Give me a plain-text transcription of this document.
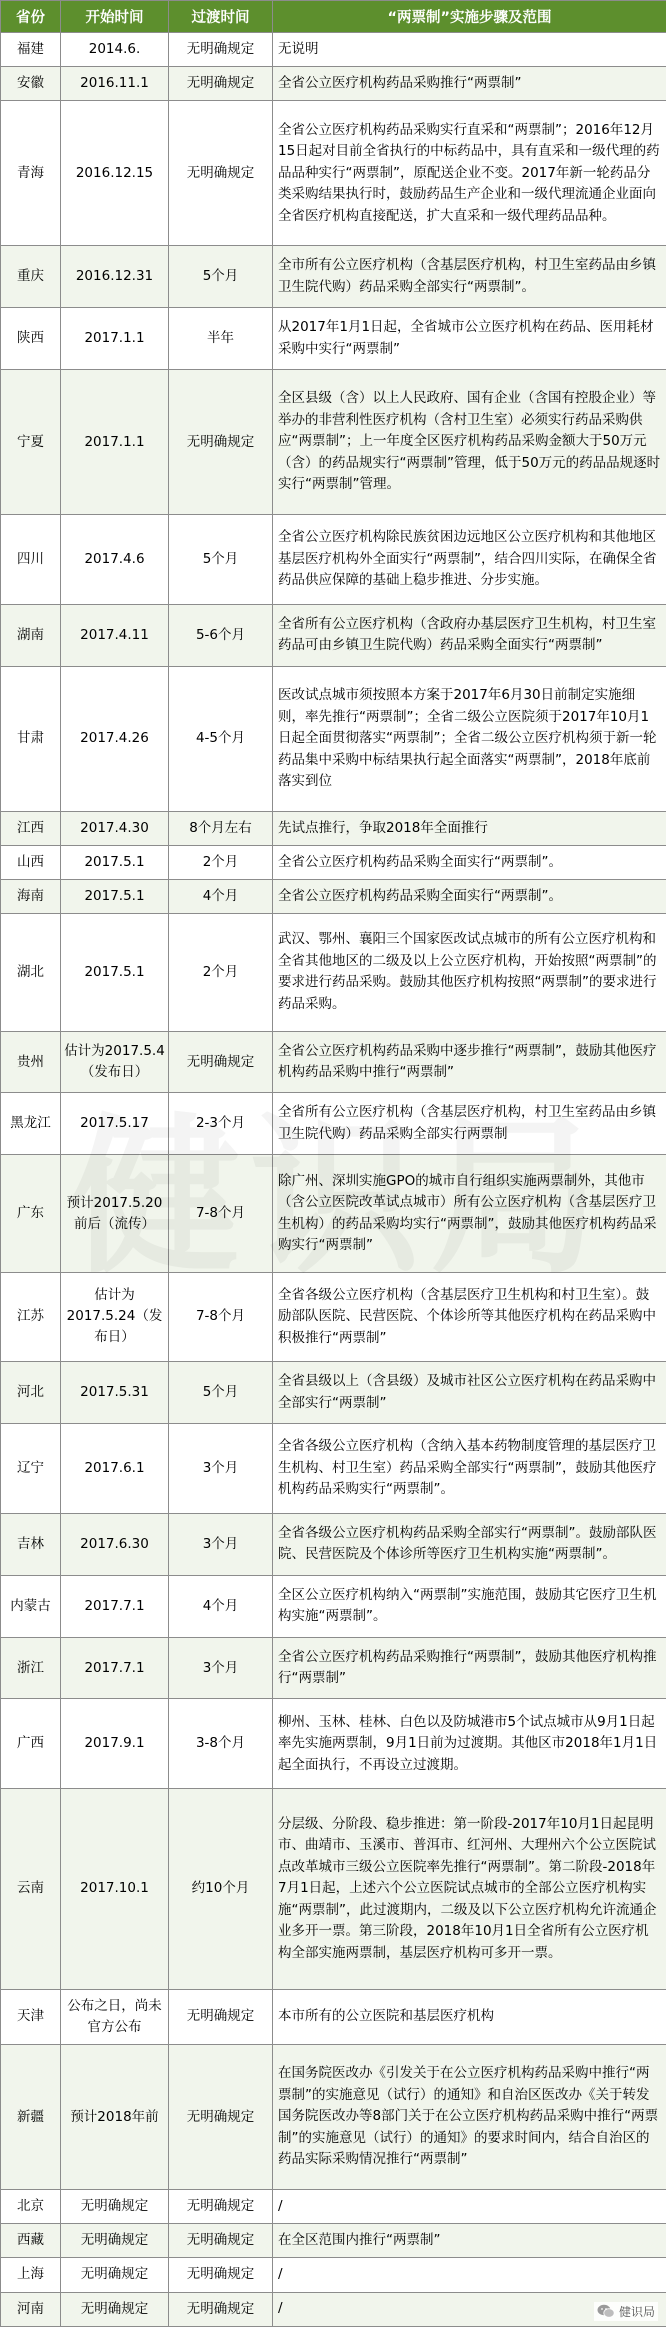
省份	开始时间	过渡时间	“两票制”实施步骤及范围
福建	2014.6.	无明确规定	无说明
安徽	2016.11.1	无明确规定	全省公立医疗机构药品采购推行“两票制”
青海	2016.12.15	无明确规定	全省公立医疗机构药品采购实行直采和“两票制”；2016年12月15日起对目前全省执行的中标药品中，具有直采和一级代理的药品品种实行“两票制”，原配送企业不变。2017年新一轮药品分类采购结果执行时，鼓励药品生产企业和一级代理流通企业面向全省医疗机构直接配送，扩大直采和一级代理药品品种。
重庆	2016.12.31	5个月	全市所有公立医疗机构（含基层医疗机构，村卫生室药品由乡镇卫生院代购）药品采购全部实行“两票制”。
陕西	2017.1.1	半年	从2017年1月1日起，全省城市公立医疗机构在药品、医用耗材采购中实行“两票制”
宁夏	2017.1.1	无明确规定	全区县级（含）以上人民政府、国有企业（含国有控股企业）等举办的非营利性医疗机构（含村卫生室）必须实行药品采购供应“两票制”；上一年度全区医疗机构药品采购金额大于50万元（含）的药品规实行“两票制”管理，低于50万元的药品品规逐时实行“两票制”管理。
四川	2017.4.6	5个月	全省公立医疗机构除民族贫困边远地区公立医疗机构和其他地区基层医疗机构外全面实行“两票制”，结合四川实际，在确保全省药品供应保障的基础上稳步推进、分步实施。
湖南	2017.4.11	5-6个月	全省所有公立医疗机构（含政府办基层医疗卫生机构，村卫生室药品可由乡镇卫生院代购）药品采购全面实行“两票制”
甘肃	2017.4.26	4-5个月	医改试点城市须按照本方案于2017年6月30日前制定实施细则，率先推行“两票制”；全省二级公立医院须于2017年10月1日起全面贯彻落实“两票制”；全省二级公立医疗机构须于新一轮药品集中采购中标结果执行起全面落实“两票制”，2018年底前落实到位
江西	2017.4.30	8个月左右	先试点推行，争取2018年全面推行
山西	2017.5.1	2个月	全省公立医疗机构药品采购全面实行“两票制”。
海南	2017.5.1	4个月	全省公立医疗机构药品采购全面实行“两票制”。
湖北	2017.5.1	2个月	武汉、鄂州、襄阳三个国家医改试点城市的所有公立医疗机构和全省其他地区的二级及以上公立医疗机构，开始按照“两票制”的要求进行药品采购。鼓励其他医疗机构按照“两票制”的要求进行药品采购。
贵州	估计为2017.5.4（发布日）	无明确规定	全省公立医疗机构药品采购中逐步推行“两票制”，鼓励其他医疗机构药品采购中推行“两票制”
黑龙江	2017.5.17	2-3个月	全省所有公立医疗机构（含基层医疗机构，村卫生室药品由乡镇卫生院代购）药品采购全部实行两票制
广东	预计2017.5.20前后（流传）	7-8个月	除广州、深圳实施GPO的城市自行组织实施两票制外，其他市（含公立医院改革试点城市）所有公立医疗机构（含基层医疗卫生机构）的药品采购均实行“两票制”，鼓励其他医疗机构药品采购实行“两票制”
江苏	估计为2017.5.24（发布日）	7-8个月	全省各级公立医疗机构（含基层医疗卫生机构和村卫生室）。鼓励部队医院、民营医院、个体诊所等其他医疗机构在药品采购中积极推行“两票制”
河北	2017.5.31	5个月	全省县级以上（含县级）及城市社区公立医疗机构在药品采购中全部实行“两票制”
辽宁	2017.6.1	3个月	全省各级公立医疗机构（含纳入基本药物制度管理的基层医疗卫生机构、村卫生室）药品采购全部实行“两票制”，鼓励其他医疗机构药品采购实行“两票制”。
吉林	2017.6.30	3个月	全省各级公立医疗机构药品采购全部实行“两票制”。鼓励部队医院、民营医院及个体诊所等医疗卫生机构实施“两票制”。
内蒙古	2017.7.1	4个月	全区公立医疗机构纳入“两票制”实施范围，鼓励其它医疗卫生机构实施“两票制”。
浙江	2017.7.1	3个月	全省公立医疗机构药品采购推行“两票制”，鼓励其他医疗机构推行“两票制”
广西	2017.9.1	3-8个月	柳州、玉林、桂林、白色以及防城港市5个试点城市从9月1日起率先实施两票制，9月1日前为过渡期。其他区市2018年1月1日起全面执行，不再设立过渡期。
云南	2017.10.1	约10个月	分层级、分阶段、稳步推进：第一阶段-2017年10月1日起昆明市、曲靖市、玉溪市、普洱市、红河州、大理州六个公立医院试点改革城市三级公立医院率先推行“两票制”。第二阶段-2018年7月1日起，上述六个公立医院试点城市的全部公立医疗机构实施“两票制”，此过渡期内，二级及以下公立医疗机构允许流通企业多开一票。第三阶段，2018年10月1日全省所有公立医疗机构全部实施两票制，基层医疗机构可多开一票。
天津	公布之日，尚未官方公布	无明确规定	本市所有的公立医院和基层医疗机构
新疆	预计2018年前	无明确规定	在国务院医改办《引发关于在公立医疗机构药品采购中推行“两票制”的实施意见（试行）的通知》和自治区医改办《关于转发国务院医改办等8部门关于在公立医疗机构药品采购中推行“两票制”的实施意见（试行）的通知》的要求时间内，结合自治区的药品实际采购情况推行“两票制”
北京	无明确规定	无明确规定	/
西藏	无明确规定	无明确规定	在全区范围内推行“两票制”
上海	无明确规定	无明确规定	/
河南	无明确规定	无明确规定	/	健识局
